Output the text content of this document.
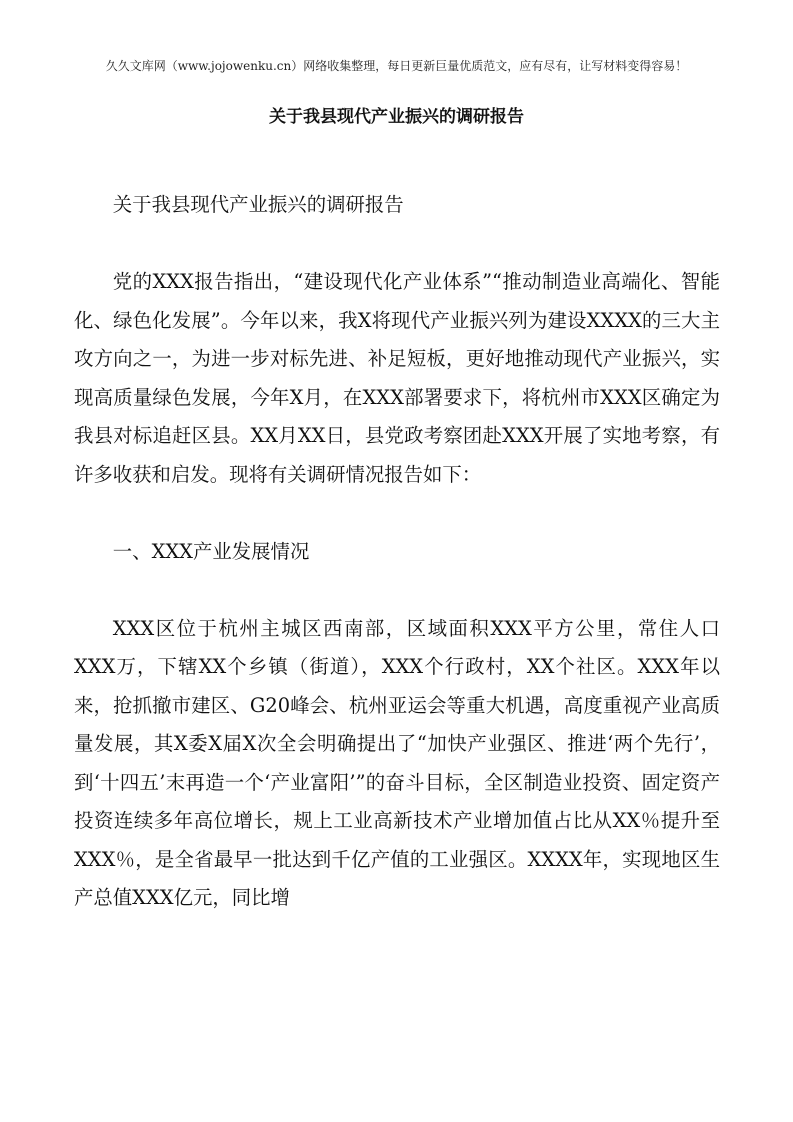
久久文库网（www.jojowenku.cn）网络收集整理，每日更新巨量优质范文，应有尽有，让写材料变得容易！
关于我县现代产业振兴的调研报告

关于我县现代产业振兴的调研报告

党的XXX报告指出，“建设现代化产业体系”“推动制造业高端化、智能化、绿色化发展”。今年以来，我X将现代产业振兴列为建设XXXX的三大主攻方向之一，为进一步对标先进、补足短板，更好地推动现代产业振兴，实现高质量绿色发展，今年X月，在XXX部署要求下，将杭州市XXX区确定为我县对标追赶区县。XX月XX日，县党政考察团赴XXX开展了实地考察，有许多收获和启发。现将有关调研情况报告如下：

一、XXX产业发展情况

XXX区位于杭州主城区西南部，区域面积XXX平方公里，常住人口XXX万，下辖XX个乡镇（街道），XXX个行政村，XX个社区。XXX年以来，抢抓撤市建区、G20峰会、杭州亚运会等重大机遇，高度重视产业高质量发展，其X委X届X次全会明确提出了“加快产业强区、推进‘两个先行’，到‘十四五’末再造一个‘产业富阳’”的奋斗目标，全区制造业投资、固定资产投资连续多年高位增长，规上工业高新技术产业增加值占比从XX％提升至XXX％，是全省最早一批达到千亿产值的工业强区。XXXX年，实现地区生产总值XXX亿元，同比增
